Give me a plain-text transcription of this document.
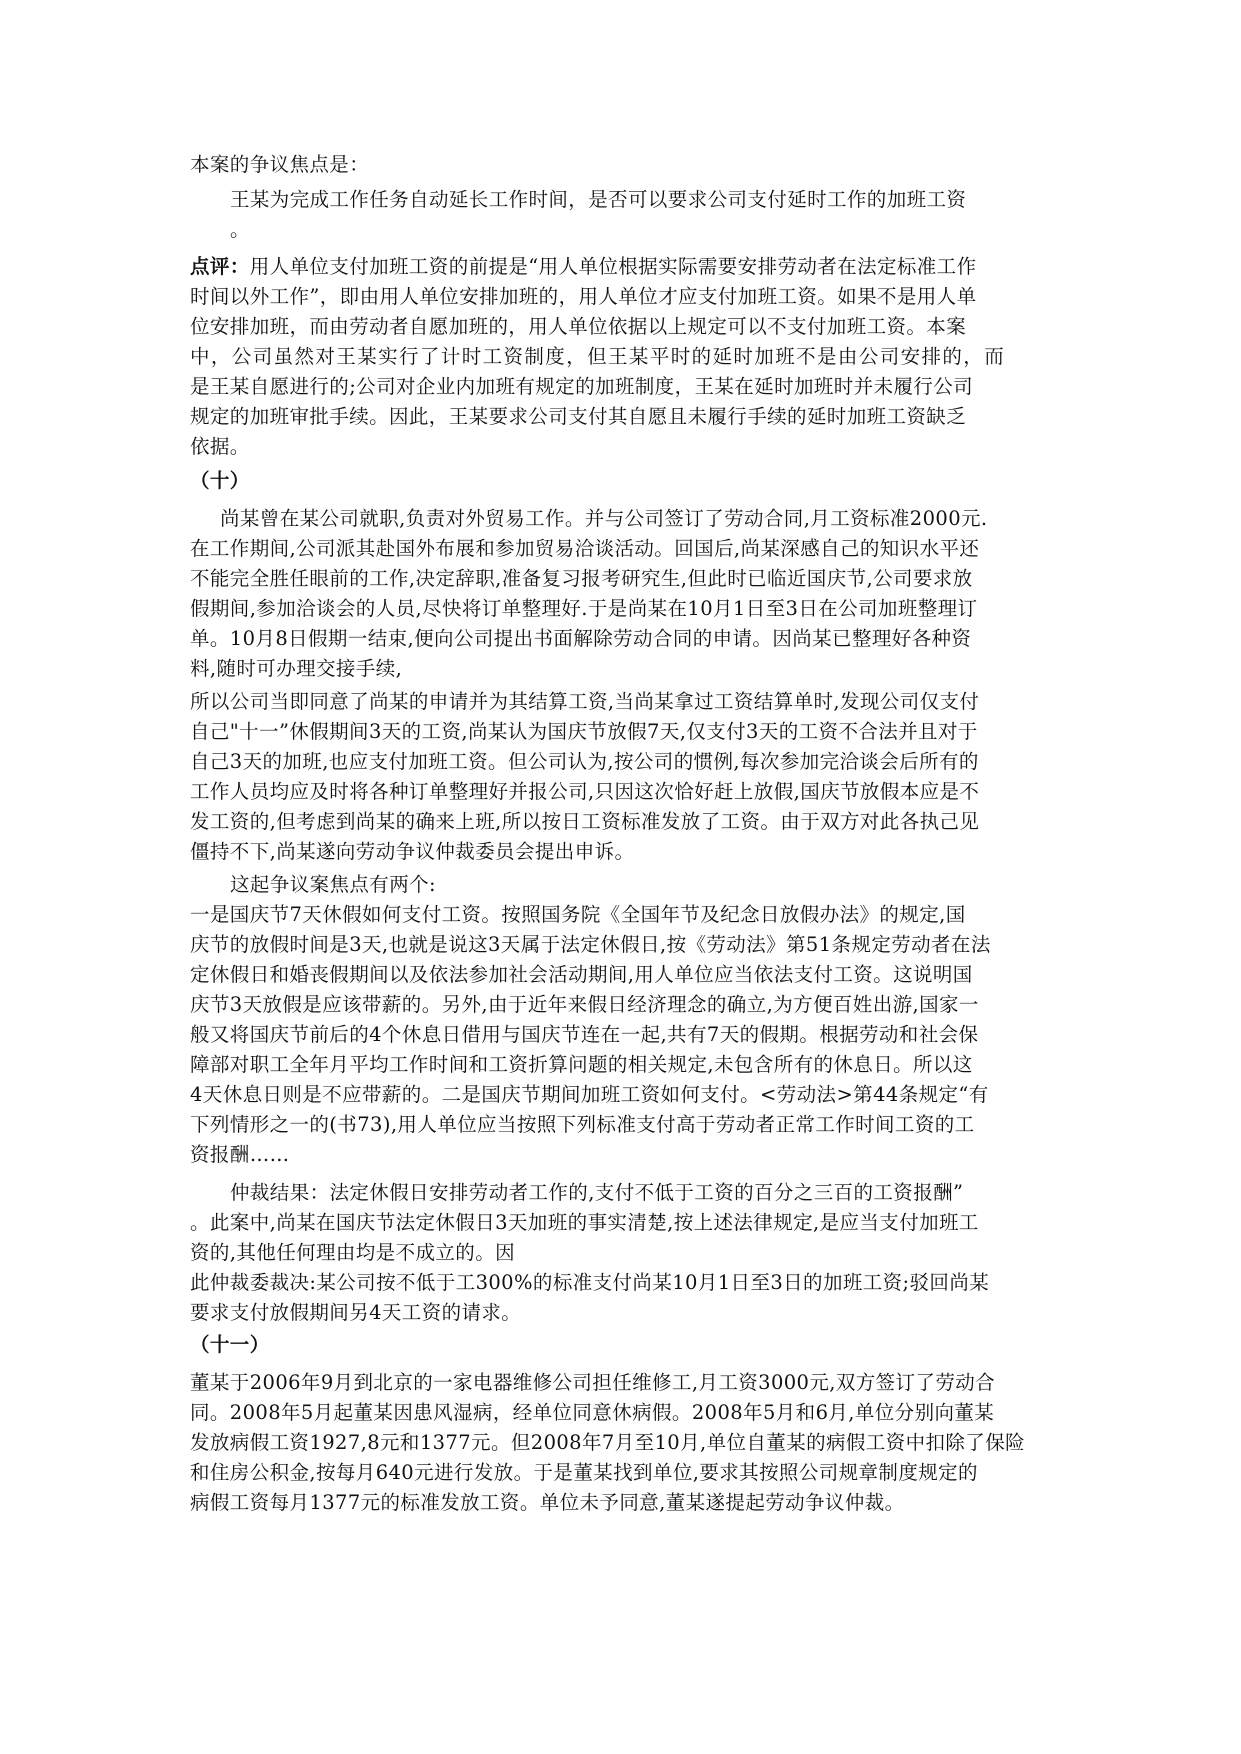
本案的争议焦点是：
王某为完成工作任务自动延长工作时间，是否可以要求公司支付延时工作的加班工资
。
点评：用人单位支付加班工资的前提是“用人单位根据实际需要安排劳动者在法定标准工作
时间以外工作”，即由用人单位安排加班的，用人单位才应支付加班工资。如果不是用人单
位安排加班，而由劳动者自愿加班的，用人单位依据以上规定可以不支付加班工资。本案
中，公司虽然对王某实行了计时工资制度，但王某平时的延时加班不是由公司安排的，而
是王某自愿进行的;公司对企业内加班有规定的加班制度，王某在延时加班时并未履行公司
规定的加班审批手续。因此，王某要求公司支付其自愿且未履行手续的延时加班工资缺乏
依据。
（十）
尚某曾在某公司就职,负责对外贸易工作。并与公司签订了劳动合同,月工资标准2000元.
在工作期间,公司派其赴国外布展和参加贸易洽谈活动。回国后,尚某深感自己的知识水平还
不能完全胜任眼前的工作,决定辞职,准备复习报考研究生,但此时已临近国庆节,公司要求放
假期间,参加洽谈会的人员,尽快将订单整理好.于是尚某在10月1日至3日在公司加班整理订
单。10月8日假期一结束,便向公司提出书面解除劳动合同的申请。因尚某已整理好各种资
料,随时可办理交接手续,
所以公司当即同意了尚某的申请并为其结算工资,当尚某拿过工资结算单时,发现公司仅支付
自己"十一”休假期间3天的工资,尚某认为国庆节放假7天,仅支付3天的工资不合法并且对于
自己3天的加班,也应支付加班工资。但公司认为,按公司的惯例,每次参加完洽谈会后所有的
工作人员均应及时将各种订单整理好并报公司,只因这次恰好赶上放假,国庆节放假本应是不
发工资的,但考虑到尚某的确来上班,所以按日工资标准发放了工资。由于双方对此各执己见
僵持不下,尚某遂向劳动争议仲裁委员会提出申诉。
这起争议案焦点有两个:
一是国庆节7天休假如何支付工资。按照国务院《全国年节及纪念日放假办法》的规定,国
庆节的放假时间是3天,也就是说这3天属于法定休假日,按《劳动法》第51条规定劳动者在法
定休假日和婚丧假期间以及依法参加社会活动期间,用人单位应当依法支付工资。这说明国
庆节3天放假是应该带薪的。另外,由于近年来假日经济理念的确立,为方便百姓出游,国家一
般又将国庆节前后的4个休息日借用与国庆节连在一起,共有7天的假期。根据劳动和社会保
障部对职工全年月平均工作时间和工资折算问题的相关规定,未包含所有的休息日。所以这
4天休息日则是不应带薪的。二是国庆节期间加班工资如何支付。<劳动法>第44条规定“有
下列情形之一的(书73),用人单位应当按照下列标准支付高于劳动者正常工作时间工资的工
资报酬……
仲裁结果：法定休假日安排劳动者工作的,支付不低于工资的百分之三百的工资报酬”
。此案中,尚某在国庆节法定休假日3天加班的事实清楚,按上述法律规定,是应当支付加班工
资的,其他任何理由均是不成立的。因
此仲裁委裁决:某公司按不低于工300%的标准支付尚某10月1日至3日的加班工资;驳回尚某
要求支付放假期间另4天工资的请求。
（十一）
董某于2006年9月到北京的一家电器维修公司担任维修工,月工资3000元,双方签订了劳动合
同。2008年5月起董某因患风湿病，经单位同意休病假。2008年5月和6月,单位分别向董某
发放病假工资1927,8元和1377元。但2008年7月至10月,单位自董某的病假工资中扣除了保险
和住房公积金,按每月640元进行发放。于是董某找到单位,要求其按照公司规章制度规定的
病假工资每月1377元的标准发放工资。单位未予同意,董某遂提起劳动争议仲裁。
